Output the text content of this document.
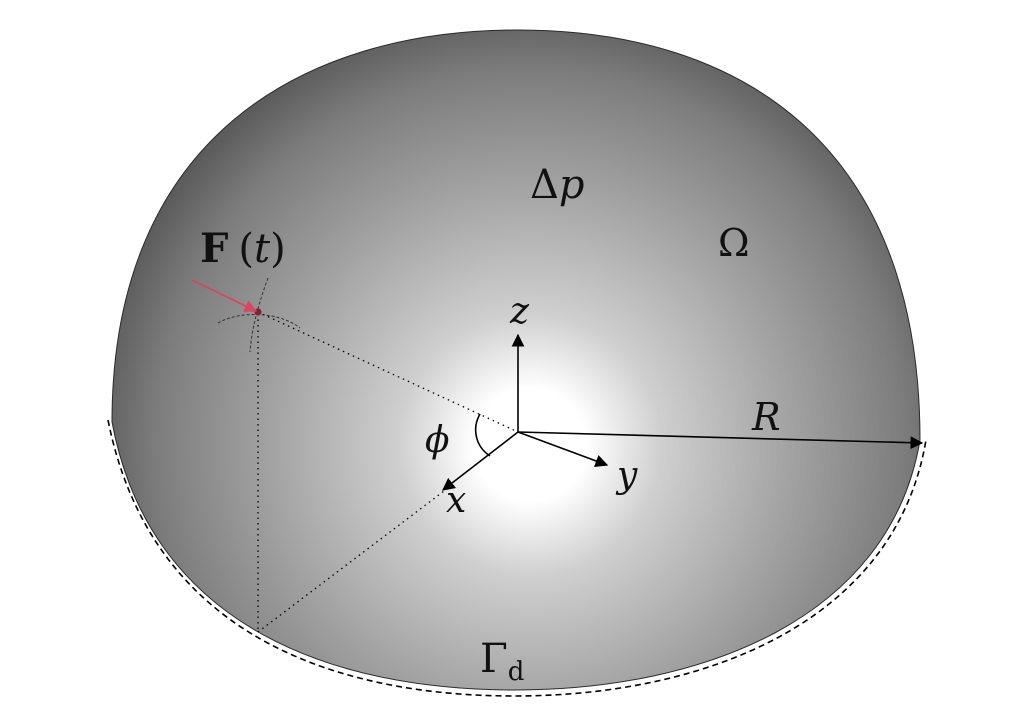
Δp
Ω
F (t)
z
y
x
R
ϕ
$\Gamma_d$
